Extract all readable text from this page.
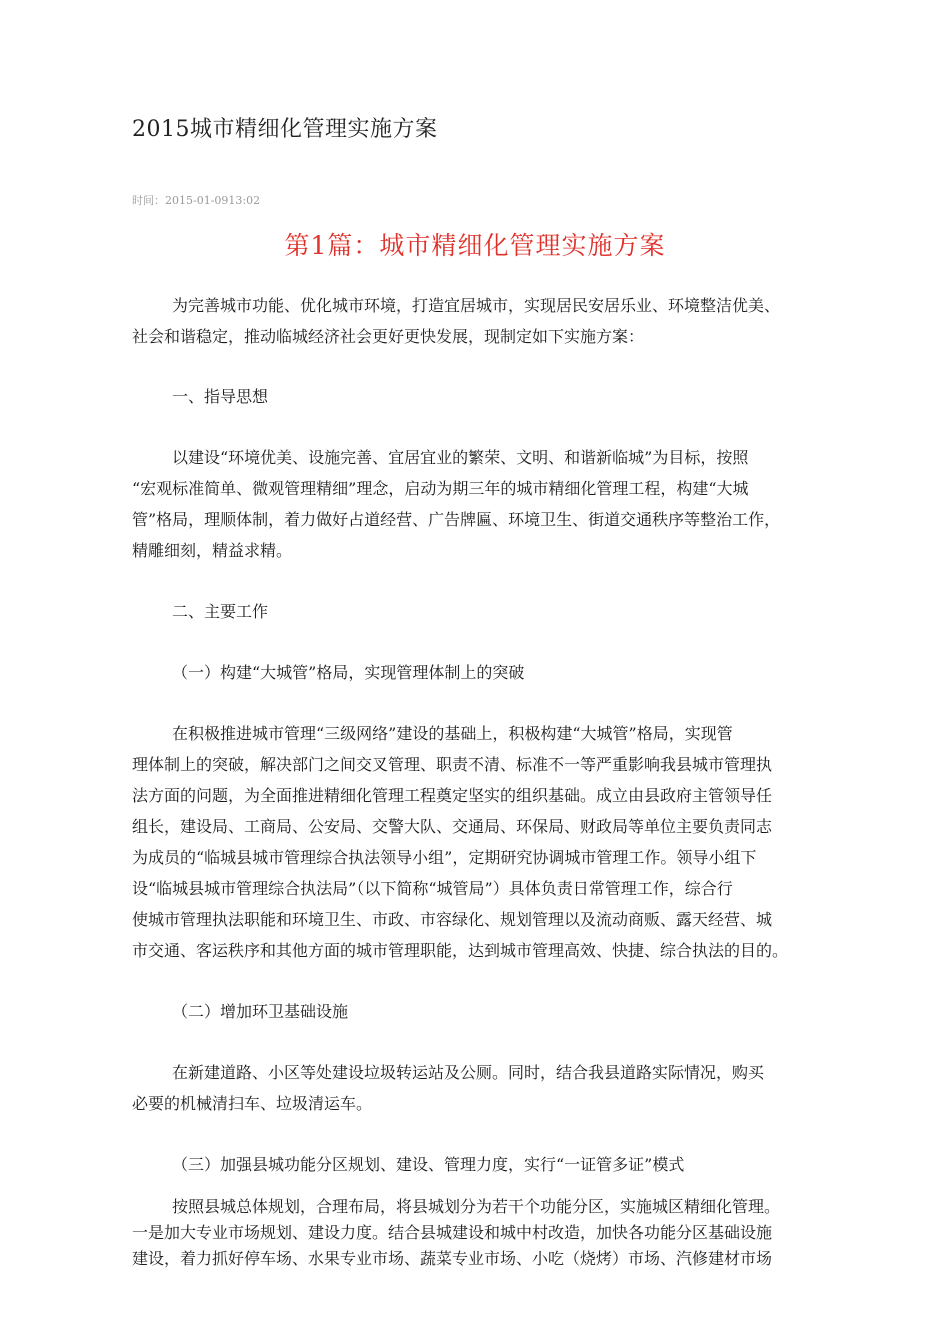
2015城市精细化管理实施方案
时间：2015-01-0913:02
第1篇：城市精细化管理实施方案
为完善城市功能、优化城市环境，打造宜居城市，实现居民安居乐业、环境整洁优美、
社会和谐稳定，推动临城经济社会更好更快发展，现制定如下实施方案：
一、指导思想
以建设“环境优美、设施完善、宜居宜业的繁荣、文明、和谐新临城”为目标，按照
“宏观标准简单、微观管理精细”理念，启动为期三年的城市精细化管理工程，构建“大城
管”格局，理顺体制，着力做好占道经营、广告牌匾、环境卫生、街道交通秩序等整治工作，
精雕细刻，精益求精。
二、主要工作
（一）构建“大城管”格局，实现管理体制上的突破
在积极推进城市管理“三级网络”建设的基础上，积极构建“大城管”格局，实现管
理体制上的突破，解决部门之间交叉管理、职责不清、标准不一等严重影响我县城市管理执
法方面的问题，为全面推进精细化管理工程奠定坚实的组织基础。成立由县政府主管领导任
组长，建设局、工商局、公安局、交警大队、交通局、环保局、财政局等单位主要负责同志
为成员的“临城县城市管理综合执法领导小组”，定期研究协调城市管理工作。领导小组下
设“临城县城市管理综合执法局”（以下简称“城管局”）具体负责日常管理工作，综合行
使城市管理执法职能和环境卫生、市政、市容绿化、规划管理以及流动商贩、露天经营、城
市交通、客运秩序和其他方面的城市管理职能，达到城市管理高效、快捷、综合执法的目的。
（二）增加环卫基础设施
在新建道路、小区等处建设垃圾转运站及公厕。同时，结合我县道路实际情况，购买
必要的机械清扫车、垃圾清运车。
（三）加强县城功能分区规划、建设、管理力度，实行“一证管多证”模式
按照县城总体规划，合理布局，将县城划分为若干个功能分区，实施城区精细化管理。
一是加大专业市场规划、建设力度。结合县城建设和城中村改造，加快各功能分区基础设施
建设，着力抓好停车场、水果专业市场、蔬菜专业市场、小吃（烧烤）市场、汽修建材市场
